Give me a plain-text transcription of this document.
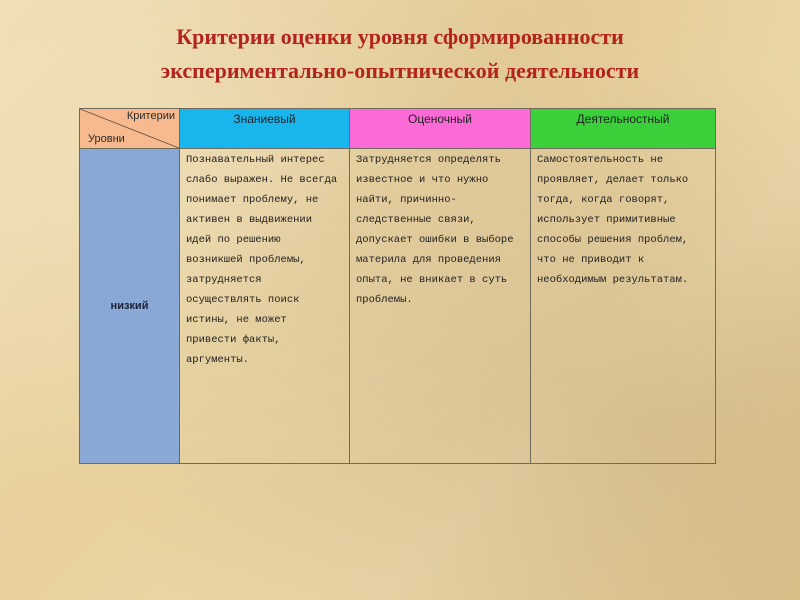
Критерии оценки уровня сформированности
экспериментально-опытнической деятельности
Критерии
Уровни	Знаниевый	Оценочный	Деятельностный
низкий	Познавательный интерес слабо выражен. Не всегда понимает проблему, не активен в выдвижении идей по решению возникшей проблемы, затрудняется осуществлять поиск истины, не может привести факты, аргументы.	Затрудняется определять известное и что нужно найти, причинно-следственные связи, допускает ошибки в выборе материла для проведения опыта, не вникает в суть проблемы.	Самостоятельность не проявляет, делает только тогда, когда говорят, использует примитивные способы решения проблем, что не приводит к необходимым результатам.
